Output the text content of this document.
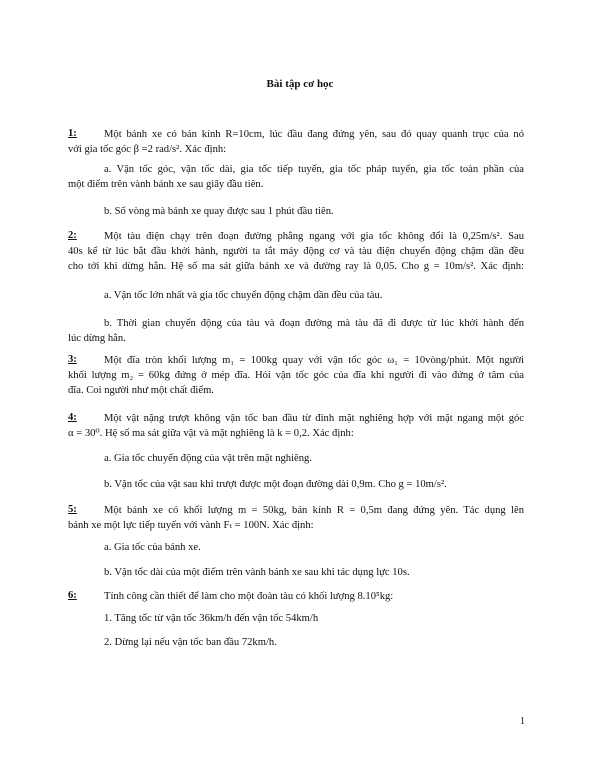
Bài tập cơ học
1:	Một bánh xe có bán kính R=10cm, lúc đầu đang đứng yên, sau đó quay quanh trục của nó
với gia tốc góc β =2 rad/s². Xác định:
a. Vận tốc góc, vận tốc dài, gia tốc tiếp tuyến, gia tốc pháp tuyến, gia tốc toàn phần của
một điểm trên vành bánh xe sau giây đầu tiên.
b. Số vòng mà bánh xe quay được sau 1 phút đầu tiên.
2:	Một tàu điện chạy trên đoạn đường phẳng ngang với gia tốc không đổi là 0,25m/s². Sau
40s kể từ lúc bắt đầu khởi hành, người ta tắt máy động cơ và tàu điện chuyển động chậm dần đều
cho tới khi dừng hẳn. Hệ số ma sát giữa bánh xe và đường ray là 0,05. Cho g = 10m/s². Xác định:
a. Vận tốc lớn nhất và gia tốc chuyển động chậm dần đều của tàu.
b. Thời gian chuyển động của tàu và đoạn đường mà tàu đã đi được từ lúc khởi hành đến
lúc dừng hẳn.
3:	Một đĩa tròn khối lượng m₁ = 100kg quay với vận tốc góc ω₁ = 10vòng/phút. Một người
khối lượng m₂ = 60kg đứng ở mép đĩa. Hỏi vận tốc góc của đĩa khi người đi vào đứng ở tâm của
đĩa. Coi người như một chất điểm.
4:	Một vật nặng trượt không vận tốc ban đầu từ đỉnh mặt nghiêng hợp với mặt ngang một góc
α = 30⁰. Hệ số ma sát giữa vật và mặt nghiêng là k = 0,2. Xác định:
a. Gia tốc chuyển động của vật trên mặt nghiêng.
b. Vận tốc của vật sau khi trượt được một đoạn đường dài 0,9m. Cho g = 10m/s².
5:	Một bánh xe có khối lượng m = 50kg, bán kính R = 0,5m đang đứng yên. Tác dụng lên
bánh xe một lực tiếp tuyến với vành Fₜ = 100N. Xác định:
a. Gia tốc của bánh xe.
b. Vận tốc dài của một điểm trên vành bánh xe sau khi tác dụng lực 10s.
6:	Tính công cần thiết để làm cho một đoàn tàu có khối lượng 8.10⁵kg:
1. Tăng tốc từ vận tốc 36km/h đến vận tốc 54km/h
2. Dừng lại nếu vận tốc ban đầu 72km/h.
1
